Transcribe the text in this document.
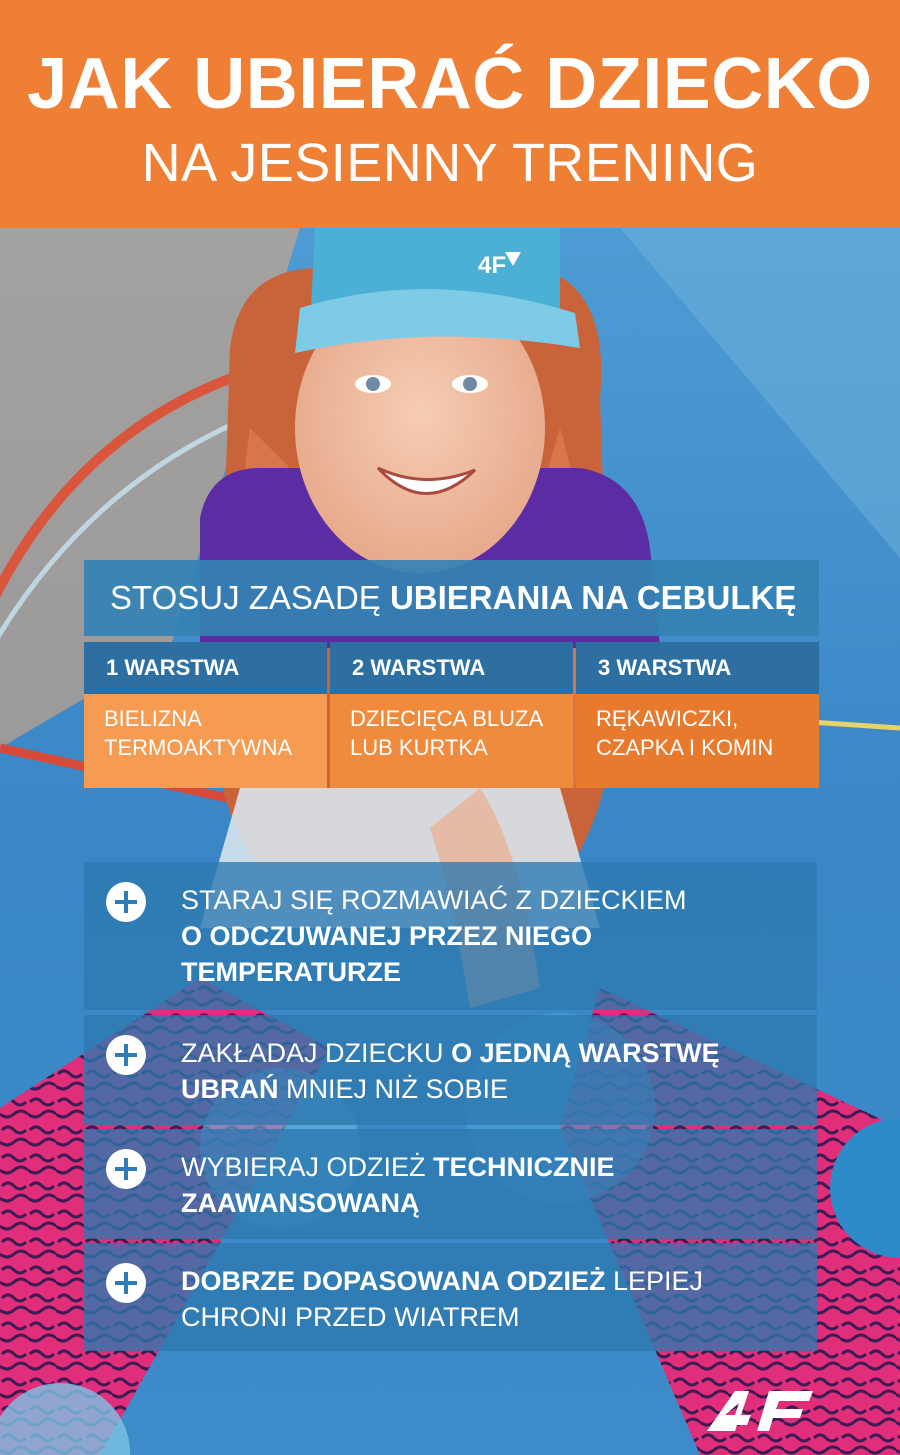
JAK UBIERAĆ DZIECKO
NA JESIENNY TRENING
4F
STOSUJ ZASADĘ UBIERANIA NA CEBULKĘ
1 WARSTWA
BIELIZNA
TERMOAKTYWNA
2 WARSTWA
DZIECIĘCA BLUZA
LUB KURTKA
3 WARSTWA
RĘKAWICZKI,
CZAPKA I KOMIN
STARAJ SIĘ ROZMAWIAĆ Z DZIECKIEM
O ODCZUWANEJ PRZEZ NIEGO TEMPERATURZE
ZAKŁADAJ DZIECKU O JEDNĄ WARSTWĘ UBRAŃ MNIEJ NIŻ SOBIE
WYBIERAJ ODZIEŻ TECHNICZNIE ZAAWANSOWANĄ
DOBRZE DOPASOWANA ODZIEŻ LEPIEJ CHRONI PRZED WIATREM
4F
